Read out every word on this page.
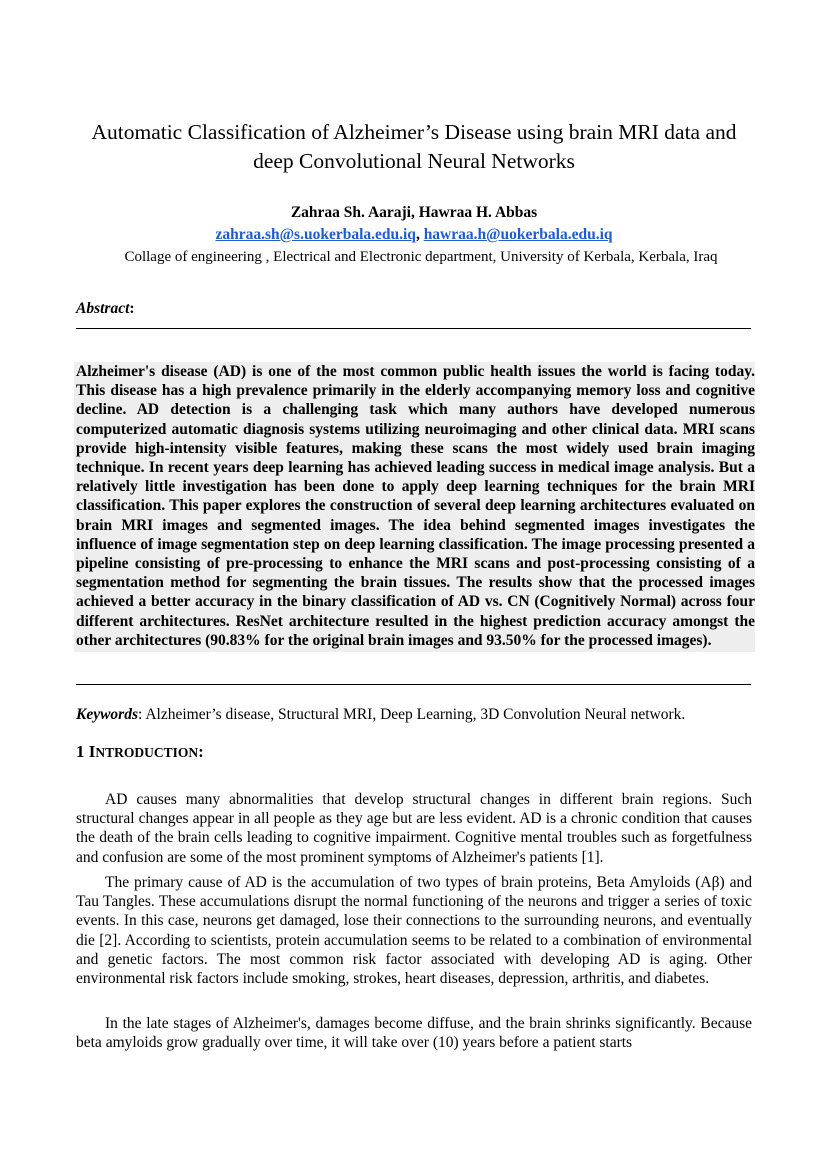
Automatic Classification of Alzheimer’s Disease using brain MRI data and deep Convolutional Neural Networks
Zahraa Sh. Aaraji, Hawraa H. Abbas
zahraa.sh@s.uokerbala.edu.iq, hawraa.h@uokerbala.edu.iq
Collage of engineering , Electrical and Electronic department, University of Kerbala, Kerbala, Iraq
Abstract:
Alzheimer's disease (AD) is one of the most common public health issues the world is facing today. This disease has a high prevalence primarily in the elderly accompanying memory loss and cognitive decline. AD detection is a challenging task which many authors have developed numerous computerized automatic diagnosis systems utilizing neuroimaging and other clinical data. MRI scans provide high-intensity visible features, making these scans the most widely used brain imaging technique. In recent years deep learning has achieved leading success in medical image analysis. But a relatively little investigation has been done to apply deep learning techniques for the brain MRI classification. This paper explores the construction of several deep learning architectures evaluated on brain MRI images and segmented images. The idea behind segmented images investigates the influence of image segmentation step on deep learning classification. The image processing presented a pipeline consisting of pre-processing to enhance the MRI scans and post-processing consisting of a segmentation method for segmenting the brain tissues. The results show that the processed images achieved a better accuracy in the binary classification of AD vs. CN (Cognitively Normal) across four different architectures. ResNet architecture resulted in the highest prediction accuracy amongst the other architectures (90.83% for the original brain images and 93.50% for the processed images).
Keywords: Alzheimer’s disease, Structural MRI, Deep Learning, 3D Convolution Neural network.
1 INTRODUCTION:

AD causes many abnormalities that develop structural changes in different brain regions. Such structural changes appear in all people as they age but are less evident. AD is a chronic condition that causes the death of the brain cells leading to cognitive impairment. Cognitive mental troubles such as forgetfulness and confusion are some of the most prominent symptoms of Alzheimer's patients [1].

The primary cause of AD is the accumulation of two types of brain proteins, Beta Amyloids (Aβ) and Tau Tangles. These accumulations disrupt the normal functioning of the neurons and trigger a series of toxic events. In this case, neurons get damaged, lose their connections to the surrounding neurons, and eventually die [2]. According to scientists, protein accumulation seems to be related to a combination of environmental and genetic factors. The most common risk factor associated with developing AD is aging. Other environmental risk factors include smoking, strokes, heart diseases, depression, arthritis, and diabetes.

In the late stages of Alzheimer's, damages become diffuse, and the brain shrinks significantly. Because beta amyloids grow gradually over time, it will take over (10) years before a patient starts
